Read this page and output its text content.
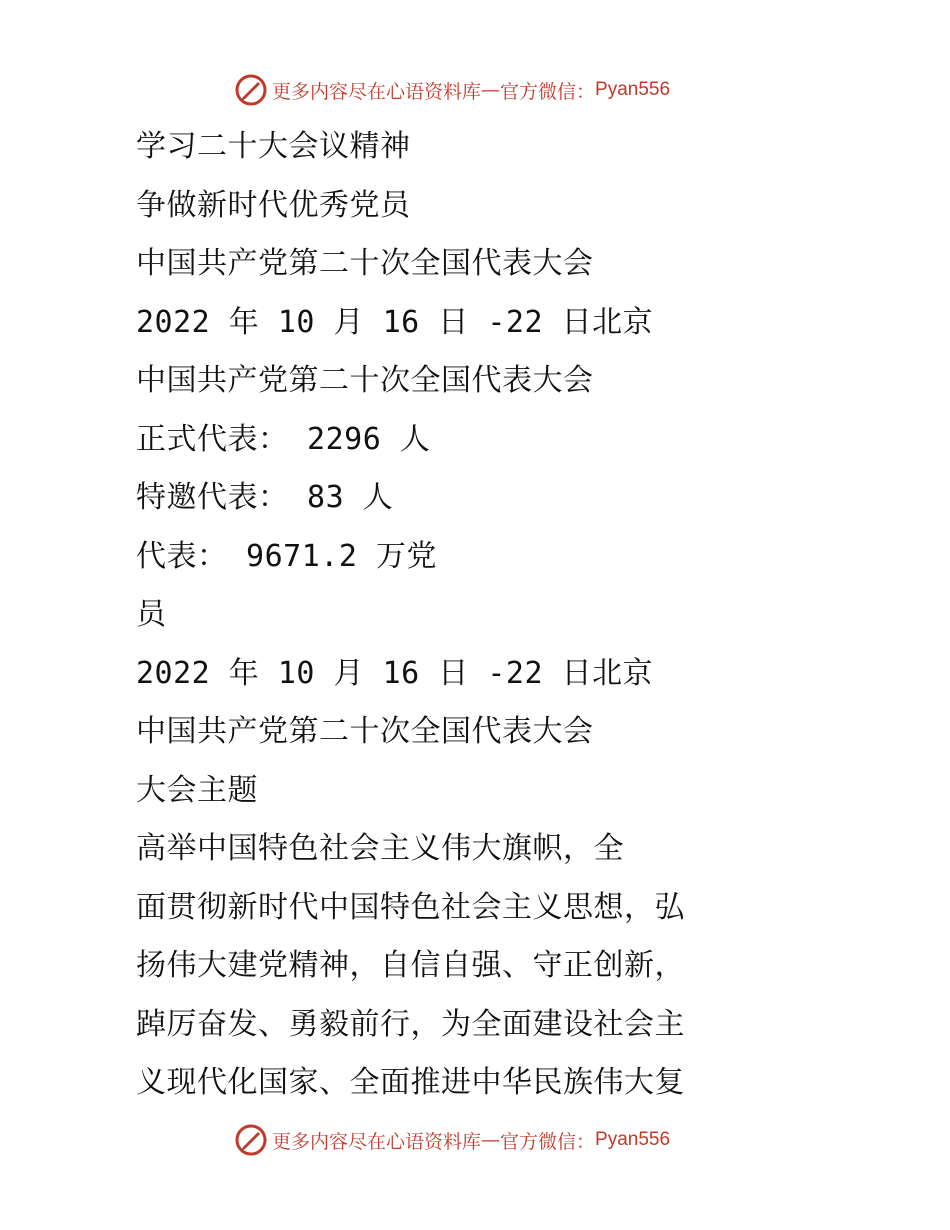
更多内容尽在心语资料库 — 官方微信： Pyan556
学习二十大会议精神
争做新时代优秀党员
中国共产党第二十次全国代表大会
2022 年 10 月 16 日 -22 日北京
中国共产党第二十次全国代表大会
正式代表： 2296 人
特邀代表： 83 人
代表： 9671.2 万党
员
2022 年 10 月 16 日 -22 日北京
中国共产党第二十次全国代表大会
大会主题
高举中国特色社会主义伟大旗帜，全
面贯彻新时代中国特色社会主义思想，弘
扬伟大建党精神，自信自强、守正创新，
踔厉奋发、勇毅前行，为全面建设社会主
义现代化国家、全面推进中华民族伟大复
更多内容尽在心语资料库 — 官方微信： Pyan556
